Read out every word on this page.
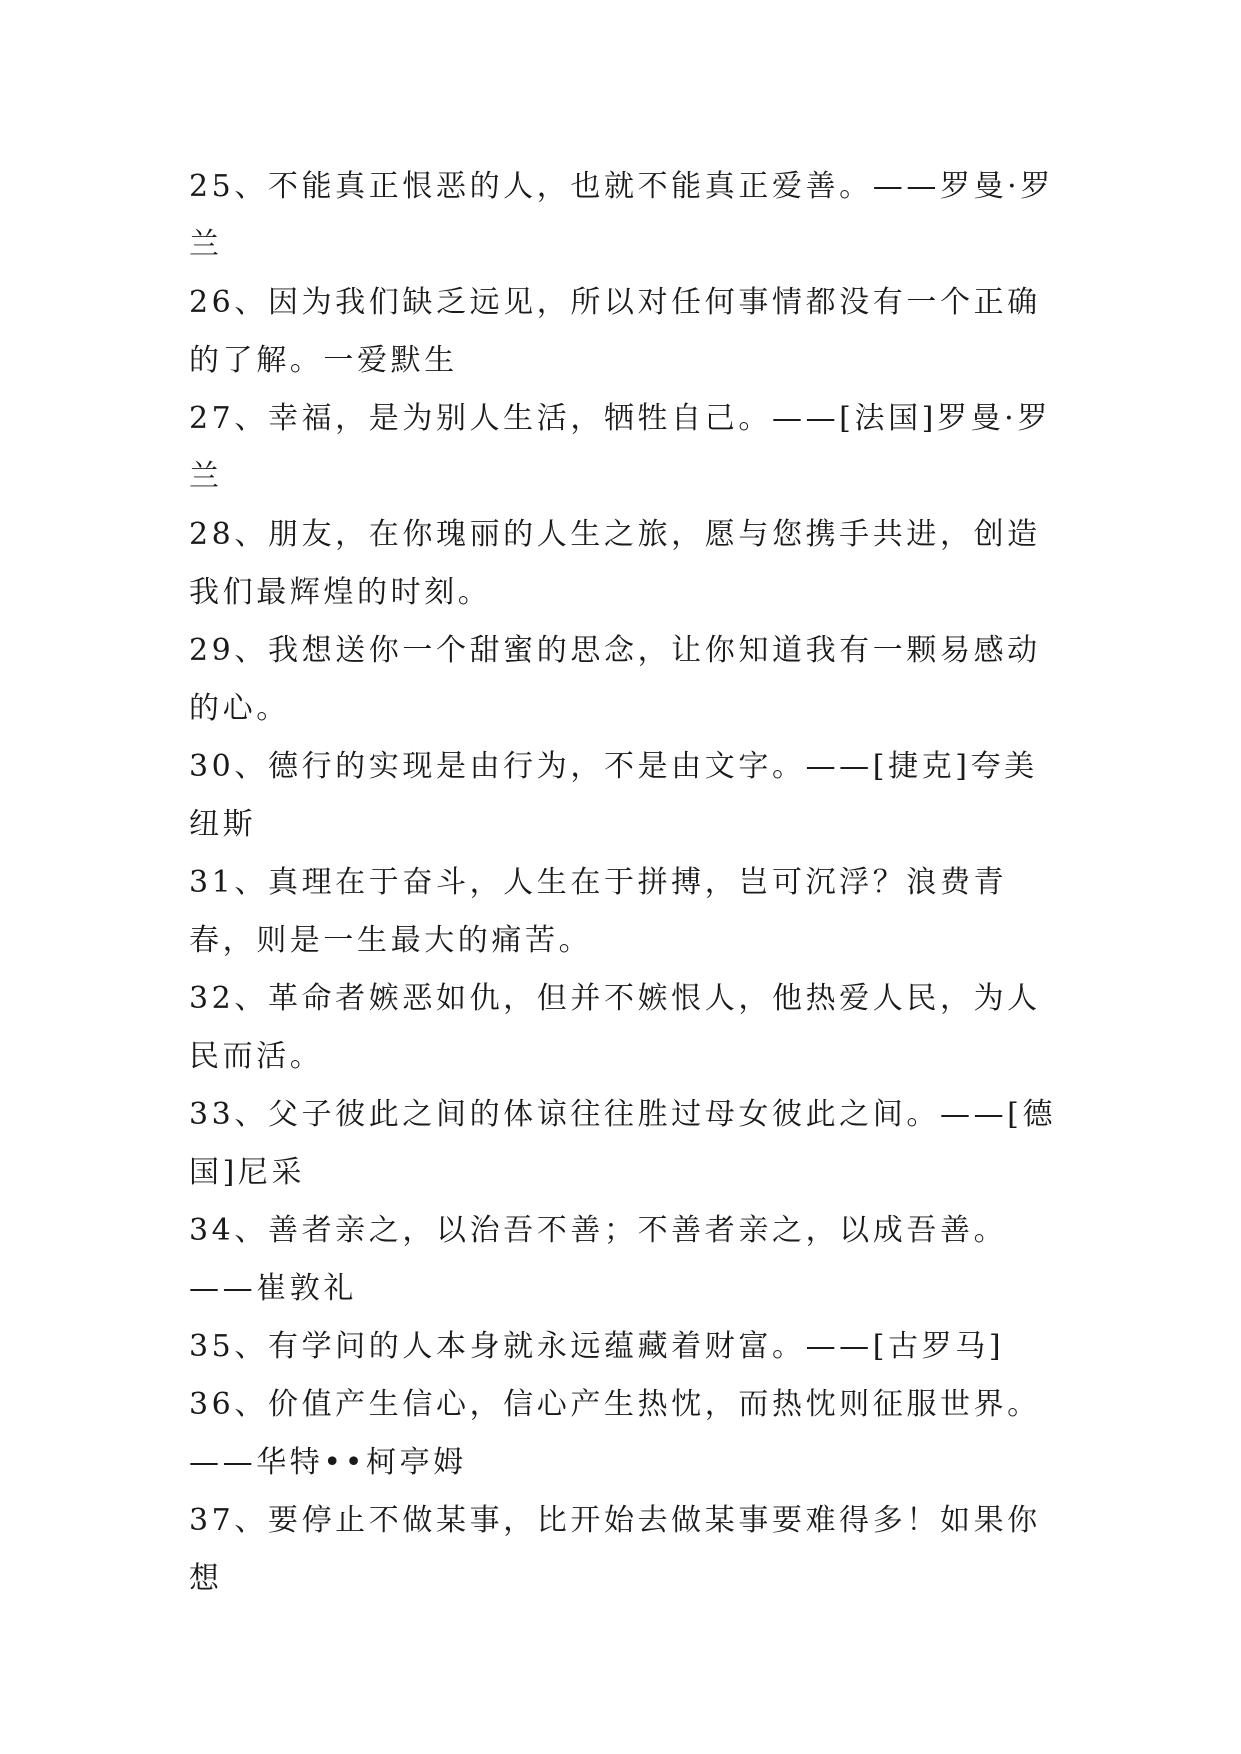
25、不能真正恨恶的人，也就不能真正爱善。——罗曼·罗兰

26、因为我们缺乏远见，所以对任何事情都没有一个正确的了解。一爱默生

27、幸福，是为别人生活，牺牲自己。——[法国]罗曼·罗兰

28、朋友，在你瑰丽的人生之旅，愿与您携手共进，创造我们最辉煌的时刻。

29、我想送你一个甜蜜的思念，让你知道我有一颗易感动的心。

30、德行的实现是由行为，不是由文字。——[捷克]夸美纽斯

31、真理在于奋斗，人生在于拼搏，岂可沉浮？浪费青春，则是一生最大的痛苦。

32、革命者嫉恶如仇，但并不嫉恨人，他热爱人民，为人民而活。

33、父子彼此之间的体谅往往胜过母女彼此之间。——[德国]尼采

34、善者亲之，以治吾不善；不善者亲之，以成吾善。——崔敦礼

35、有学问的人本身就永远蕴藏着财富。——[古罗马]

36、价值产生信心，信心产生热忱，而热忱则征服世界。——华特••柯亭姆

37、要停止不做某事，比开始去做某事要难得多！如果你想
